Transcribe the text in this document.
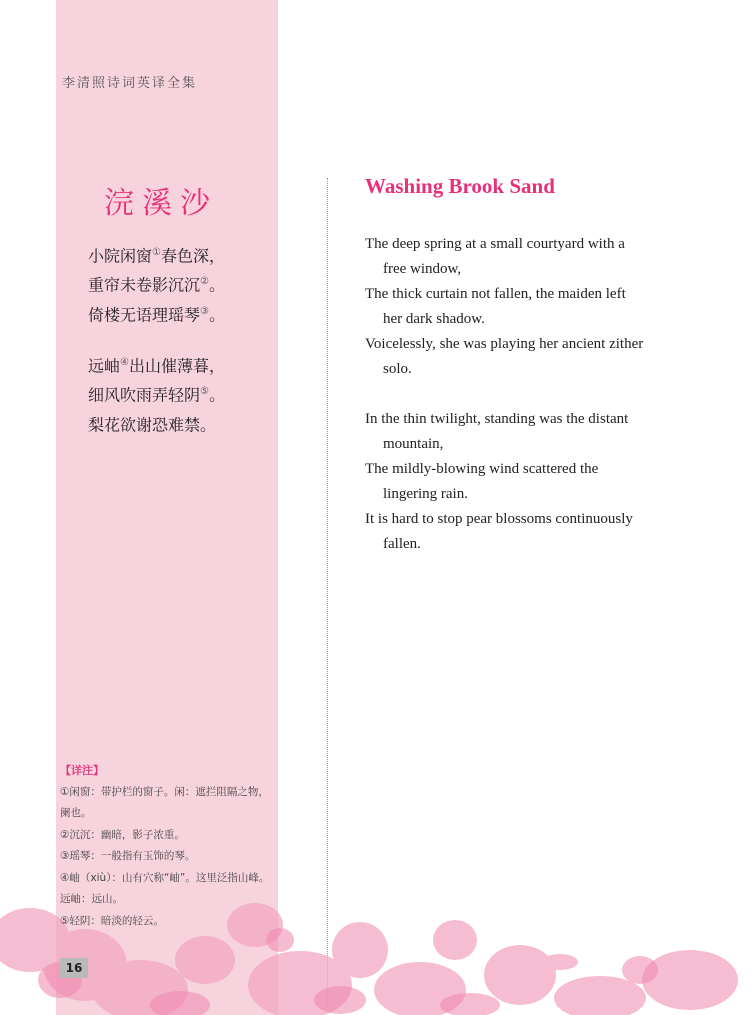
李清照诗词英译全集
浣溪沙
小院闲窗①春色深，
重帘未卷影沉沉②。
倚楼无语理瑶琴③。
远岫④出山催薄暮，
细风吹雨弄轻阴⑤。
梨花欲谢恐难禁。
Washing Brook Sand
The deep spring at a small courtyard with a
free window,
The thick curtain not fallen, the maiden left
her dark shadow.
Voicelessly, she was playing her ancient zither
solo.
In the thin twilight, standing was the distant
mountain,
The mildly-blowing wind scattered the
lingering rain.
It is hard to stop pear blossoms continuously
fallen.
【详注】
①闲窗：带护栏的窗子。闲：遮拦阻隔之物，
阑也。
②沉沉：幽暗，影子浓重。
③瑶琴：一般指有玉饰的琴。
④岫（xiù）：山有穴称“岫”。这里泛指山峰。
远岫：远山。
⑤轻阴：暗淡的轻云。
16
